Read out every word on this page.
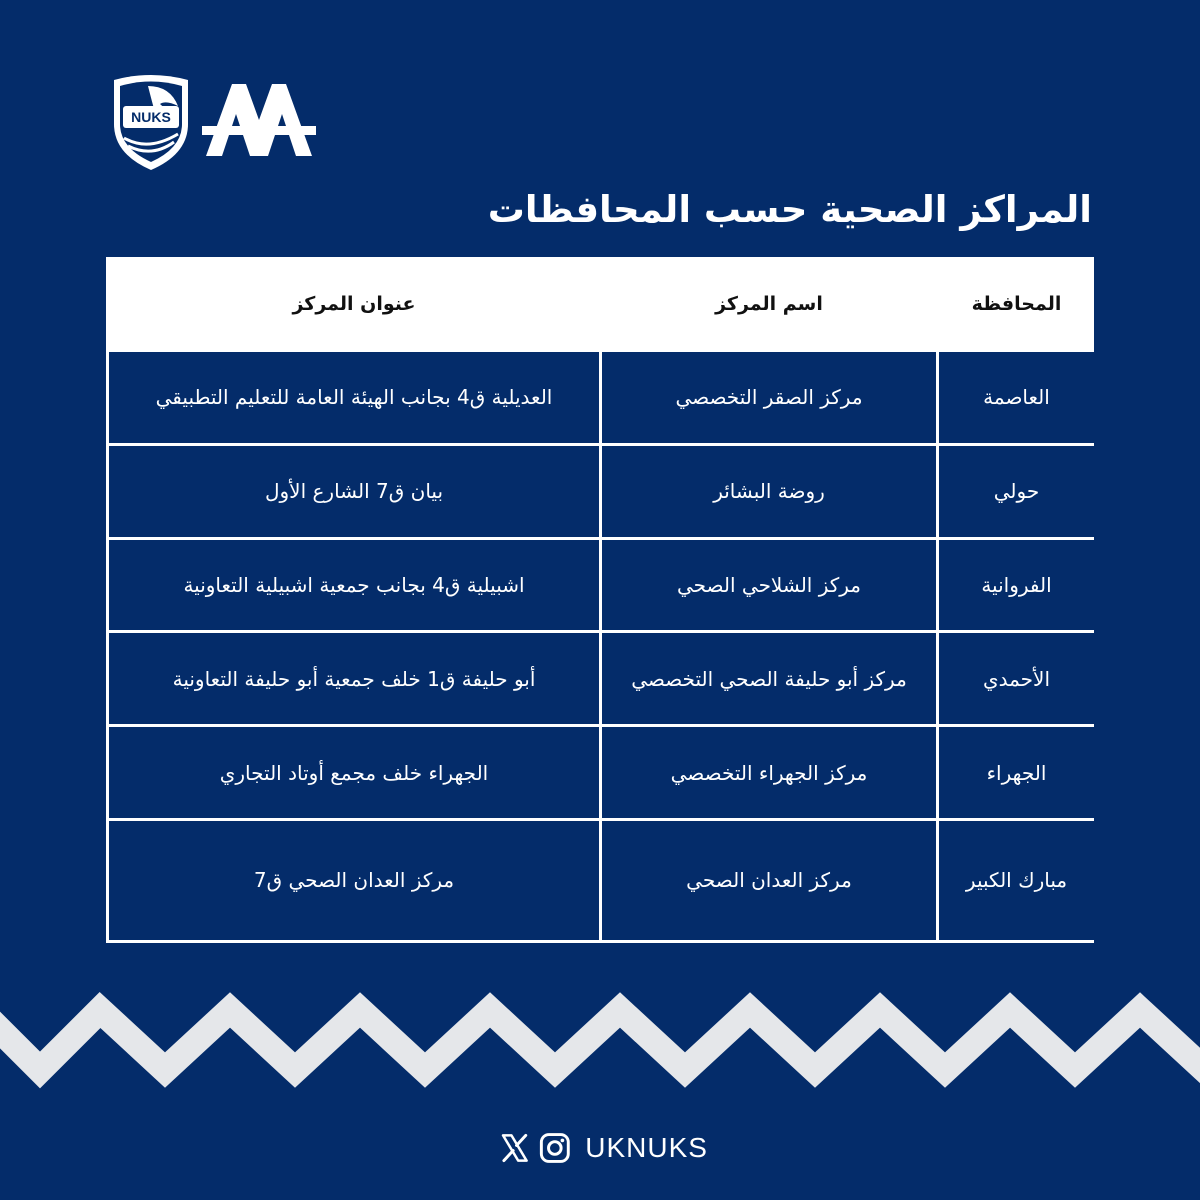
NUKS
المراكز الصحية حسب المحافظات
المحافظة	اسم المركز	عنوان المركز
العاصمة	مركز الصقر التخصصي	العديلية ق4 بجانب الهيئة العامة للتعليم التطبيقي
حولي	روضة البشائر	بيان ق7 الشارع الأول
الفروانية	مركز الشلاحي الصحي	اشبيلية ق4 بجانب جمعية اشبيلية التعاونية
الأحمدي	مركز أبو حليفة الصحي التخصصي	أبو حليفة ق1 خلف جمعية أبو حليفة التعاونية
الجهراء	مركز الجهراء التخصصي	الجهراء خلف مجمع أوتاد التجاري
مبارك الكبير	مركز العدان الصحي	مركز العدان الصحي ق7
UKNUKS
